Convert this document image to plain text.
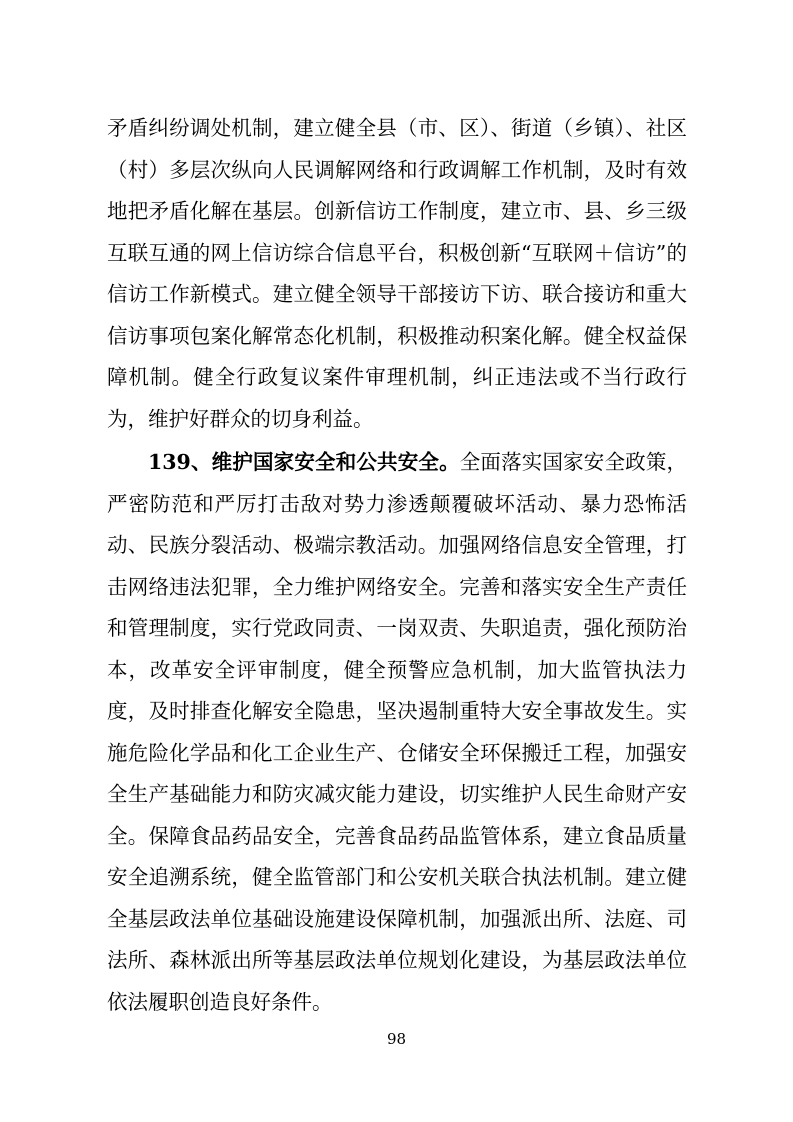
矛盾纠纷调处机制，建立健全县（市、区）、街道（乡镇）、社区（村）多层次纵向人民调解网络和行政调解工作机制，及时有效地把矛盾化解在基层。创新信访工作制度，建立市、县、乡三级互联互通的网上信访综合信息平台，积极创新“互联网＋信访”的信访工作新模式。建立健全领导干部接访下访、联合接访和重大信访事项包案化解常态化机制，积极推动积案化解。健全权益保障机制。健全行政复议案件审理机制，纠正违法或不当行政行为，维护好群众的切身利益。

139、维护国家安全和公共安全。全面落实国家安全政策，严密防范和严厉打击敌对势力渗透颠覆破坏活动、暴力恐怖活动、民族分裂活动、极端宗教活动。加强网络信息安全管理，打击网络违法犯罪，全力维护网络安全。完善和落实安全生产责任和管理制度，实行党政同责、一岗双责、失职追责，强化预防治本，改革安全评审制度，健全预警应急机制，加大监管执法力度，及时排查化解安全隐患，坚决遏制重特大安全事故发生。实施危险化学品和化工企业生产、仓储安全环保搬迁工程，加强安全生产基础能力和防灾减灾能力建设，切实维护人民生命财产安全。保障食品药品安全，完善食品药品监管体系，建立食品质量安全追溯系统，健全监管部门和公安机关联合执法机制。建立健全基层政法单位基础设施建设保障机制，加强派出所、法庭、司法所、森林派出所等基层政法单位规划化建设，为基层政法单位依法履职创造良好条件。

98
